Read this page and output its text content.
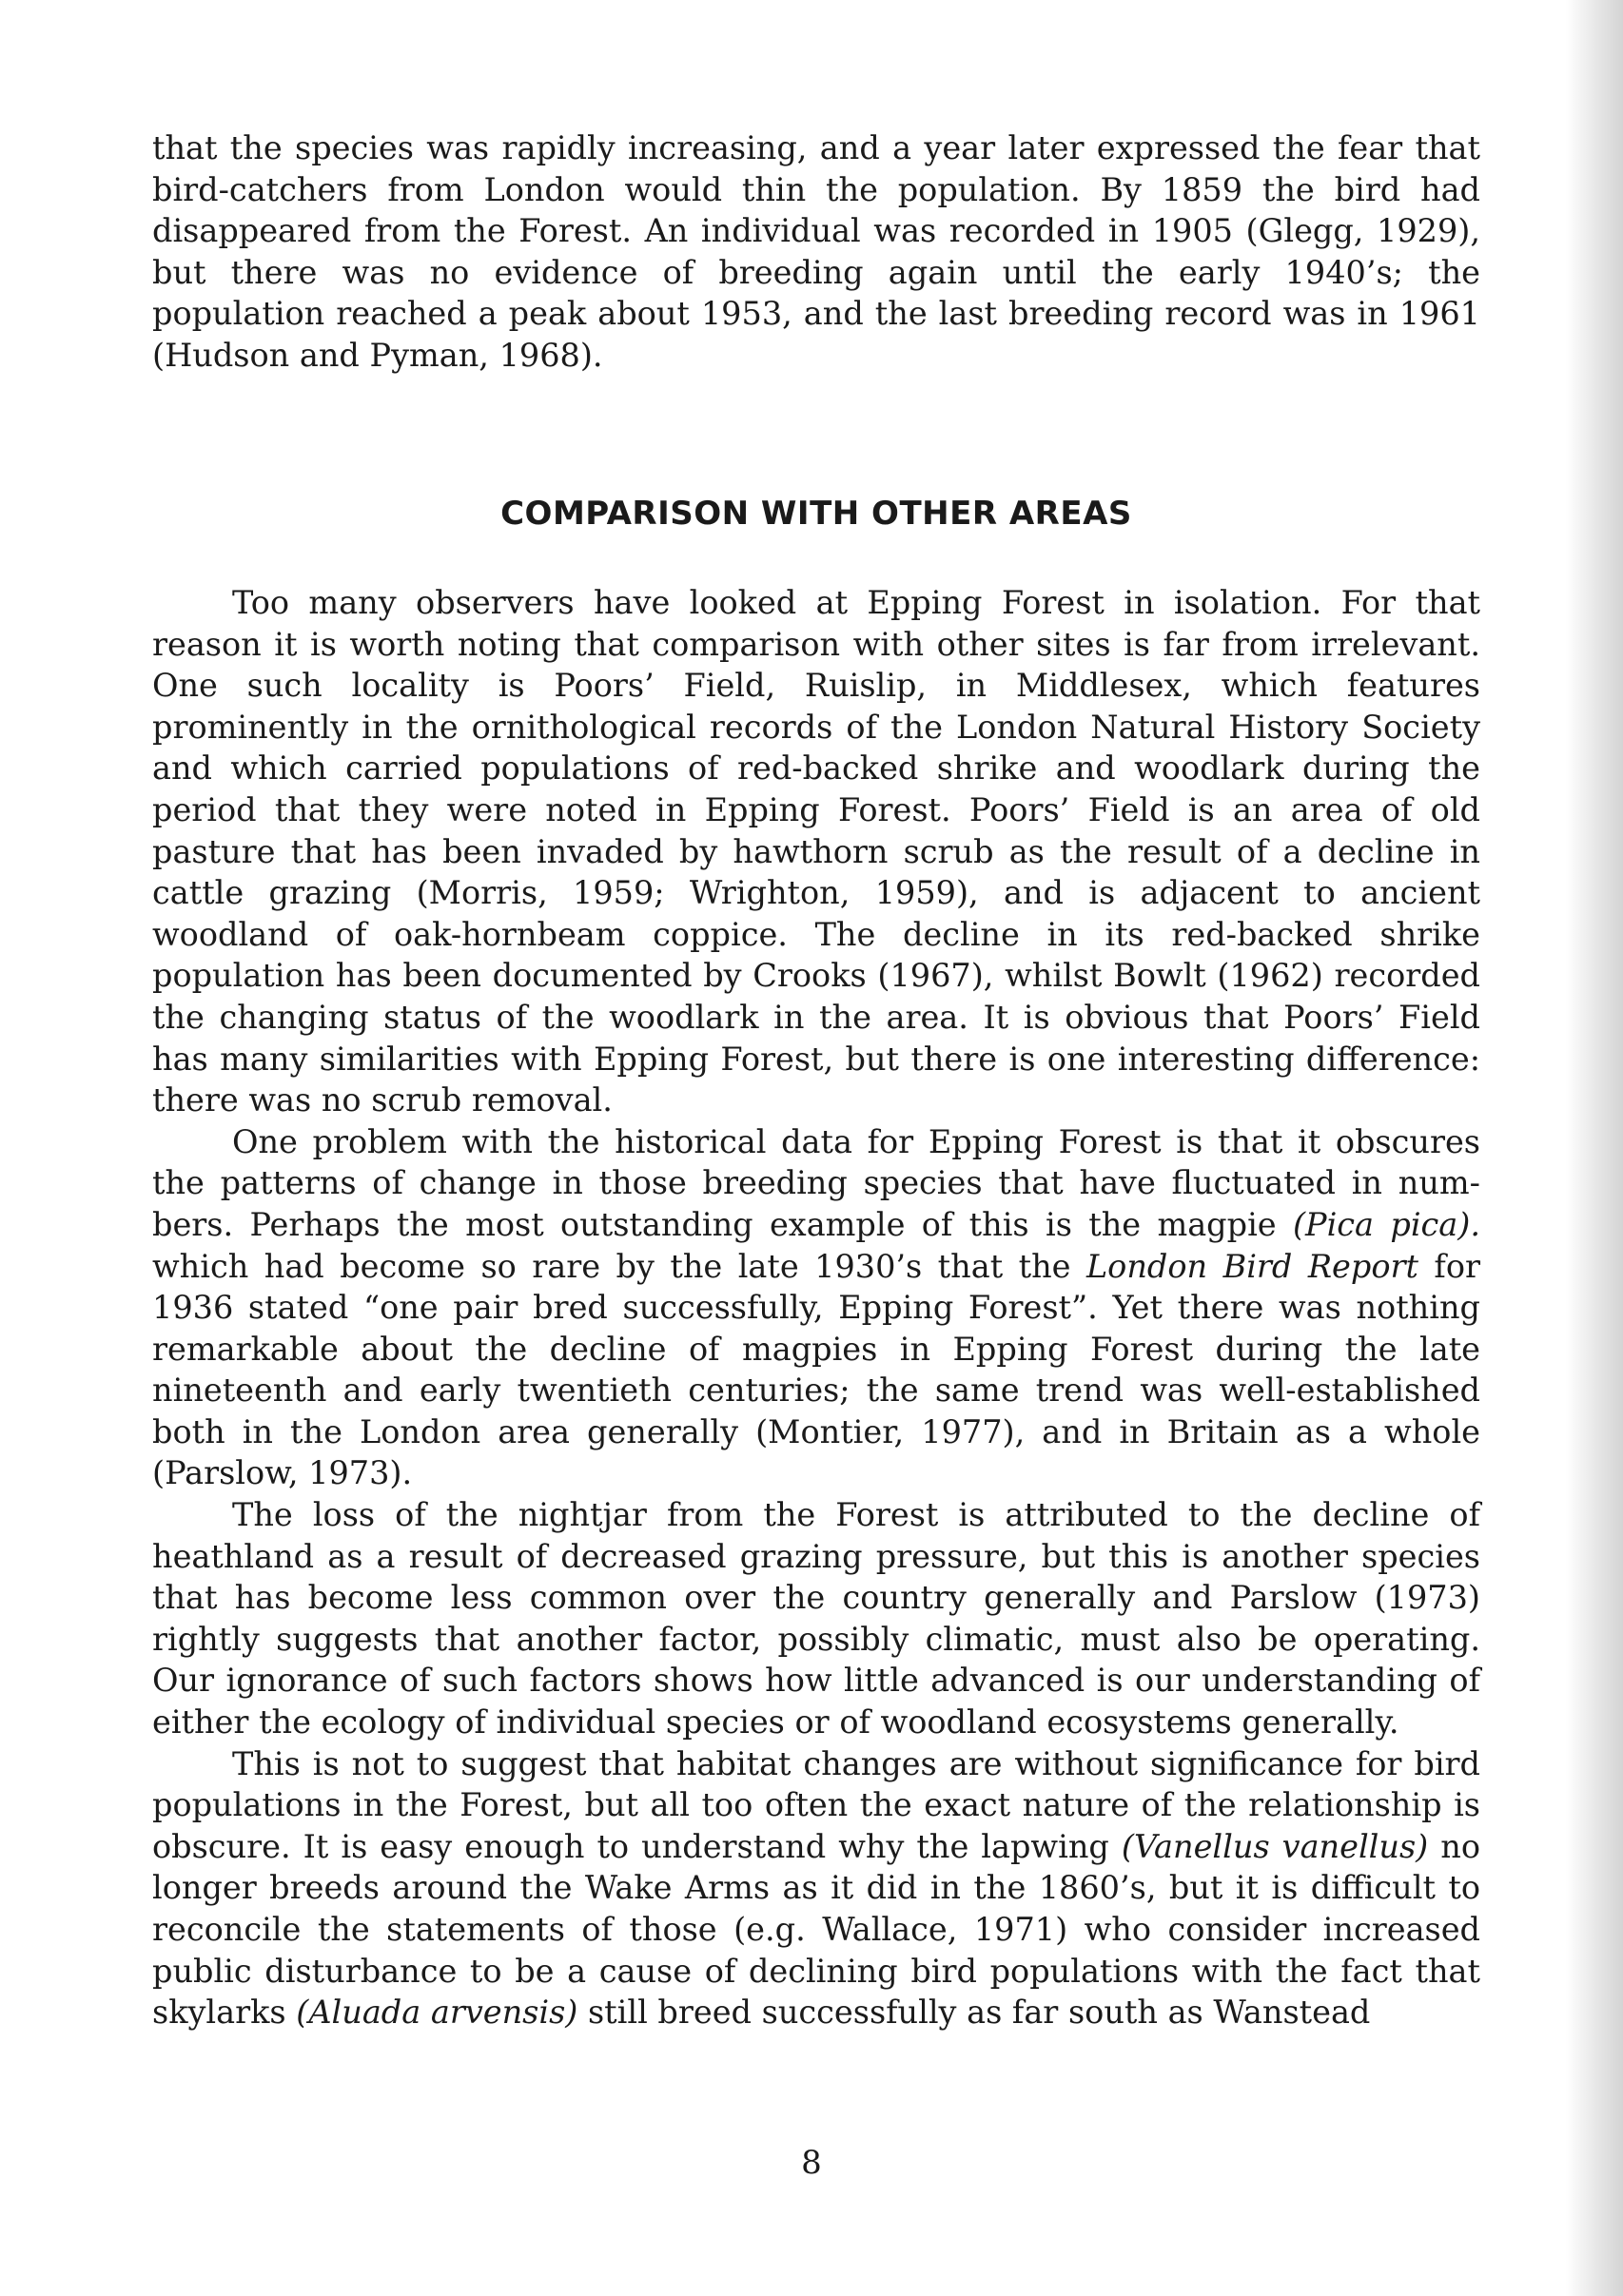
that the species was rapidly increasing, and a year later expressed the fear that bird-catchers from London would thin the population. By 1859 the bird had disappeared from the Forest. An individual was recorded in 1905 (Glegg, 1929), but there was no evidence of breeding again until the early 1940’s; the population reached a peak about 1953, and the last breeding record was in 1961 (Hudson and Pyman, 1968).

COMPARISON WITH OTHER AREAS

Too many observers have looked at Epping Forest in isolation. For that reason it is worth noting that comparison with other sites is far from irrelevant. One such locality is Poors’ Field, Ruislip, in Middlesex, which features prominently in the ornithological records of the London Natural History Society and which carried populations of red-backed shrike and woodlark during the period that they were noted in Epping Forest. Poors’ Field is an area of old pasture that has been invaded by hawthorn scrub as the result of a decline in cattle grazing (Morris, 1959; Wrighton, 1959), and is adjacent to ancient woodland of oak-hornbeam coppice. The decline in its red-backed shrike population has been documented by Crooks (1967), whilst Bowlt (1962) recorded the changing status of the woodlark in the area. It is obvious that Poors’ Field has many similarities with Epping Forest, but there is one interesting difference: there was no scrub removal.

One problem with the historical data for Epping Forest is that it obscures the patterns of change in those breeding species that have fluctuated in numbers. Perhaps the most outstanding example of this is the magpie (Pica pica). which had become so rare by the late 1930’s that the London Bird Report for 1936 stated “one pair bred successfully, Epping Forest”. Yet there was nothing remarkable about the decline of magpies in Epping Forest during the late nineteenth and early twentieth centuries; the same trend was well-established both in the London area generally (Montier, 1977), and in Britain as a whole (Parslow, 1973).

The loss of the nightjar from the Forest is attributed to the decline of heathland as a result of decreased grazing pressure, but this is another species that has become less common over the country generally and Parslow (1973) rightly suggests that another factor, possibly climatic, must also be operating. Our ignorance of such factors shows how little advanced is our understanding of either the ecology of individual species or of woodland ecosystems generally.

This is not to suggest that habitat changes are without significance for bird populations in the Forest, but all too often the exact nature of the relationship is obscure. It is easy enough to understand why the lapwing (Vanellus vanellus) no longer breeds around the Wake Arms as it did in the 1860’s, but it is difficult to reconcile the statements of those (e.g. Wallace, 1971) who consider increased public disturbance to be a cause of declining bird populations with the fact that skylarks (Aluada arvensis) still breed successfully as far south as Wanstead

8
